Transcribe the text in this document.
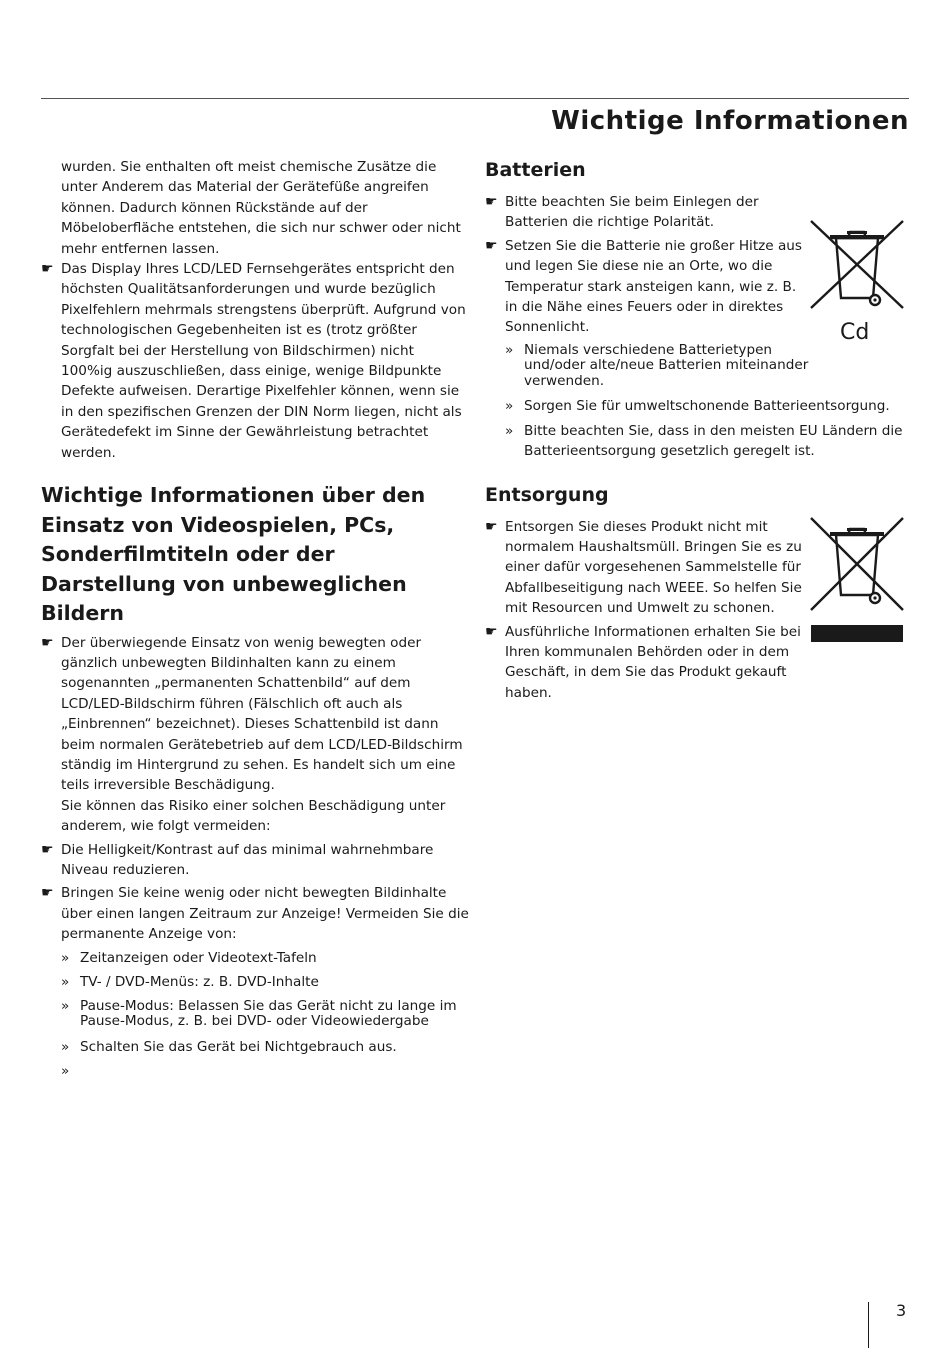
Wichtige Informationen

wurden. Sie enthalten oft meist chemische Zusätze die unter Anderem das Material der Gerätefüße angreifen können. Dadurch können Rückstände auf der Möbeloberfläche entstehen, die sich nur schwer oder nicht mehr entfernen lassen.

☛ Das Display Ihres LCD/LED Fernsehgerätes entspricht den höchsten Qualitätsanforderungen und wurde bezüglich Pixelfehlern mehrmals strengstens überprüft. Aufgrund von technologischen Gegebenheiten ist es (trotz größter Sorgfalt bei der Herstellung von Bildschirmen) nicht 100%ig auszuschließen, dass einige, wenige Bildpunkte Defekte aufweisen. Derartige Pixelfehler können, wenn sie in den spezifischen Grenzen der DIN Norm liegen, nicht als Gerätedefekt im Sinne der Gewährleistung betrachtet werden.
Wichtige Informationen über den Einsatz von Videospielen, PCs, Sonderfilmtiteln oder der Darstellung von unbeweglichen Bildern
☛ Der überwiegende Einsatz von wenig bewegten oder gänzlich unbewegten Bildinhalten kann zu einem sogenannten „permanenten Schattenbild“ auf dem LCD/LED-Bildschirm führen (Fälschlich oft auch als „Einbrennen“ bezeichnet). Dieses Schattenbild ist dann beim normalen Gerätebetrieb auf dem LCD/LED-Bildschirm ständig im Hintergrund zu sehen. Es handelt sich um eine teils irreversible Beschädigung.
Sie können das Risiko einer solchen Beschädigung unter anderem, wie folgt vermeiden:
☛ Die Helligkeit/Kontrast auf das minimal wahrnehmbare Niveau reduzieren.
☛ Bringen Sie keine wenig oder nicht bewegten Bildinhalte über einen langen Zeitraum zur Anzeige! Vermeiden Sie die permanente Anzeige von:
» Zeitanzeigen oder Videotext-Tafeln
» TV- / DVD-Menüs: z. B. DVD-Inhalte
» Pause-Modus: Belassen Sie das Gerät nicht zu lange im Pause-Modus, z. B. bei DVD- oder Videowiedergabe
» Schalten Sie das Gerät bei Nichtgebrauch aus.
»
Batterien
☛ Bitte beachten Sie beim Einlegen der Batterien die richtige Polarität.
☛ Setzen Sie die Batterie nie großer Hitze aus und legen Sie diese nie an Orte, wo die Temperatur stark ansteigen kann, wie z. B. in die Nähe eines Feuers oder in direktes Sonnenlicht.
» Niemals verschiedene Batterietypen und/oder alte/neue Batterien miteinander verwenden.
» Sorgen Sie für umweltschonende Batterieentsorgung.
» Bitte beachten Sie, dass in den meisten EU Ländern die Batterieentsorgung gesetzlich geregelt ist.
Entsorgung
☛ Entsorgen Sie dieses Produkt nicht mit normalem Haushaltsmüll. Bringen Sie es zu einer dafür vorgesehenen Sammelstelle für Abfallbeseitigung nach WEEE. So helfen Sie mit Resourcen und Umwelt zu schonen.
☛ Ausführliche Informationen erhalten Sie bei Ihren kommunalen Behörden oder in dem Geschäft, in dem Sie das Produkt gekauft haben.
Cd
3
